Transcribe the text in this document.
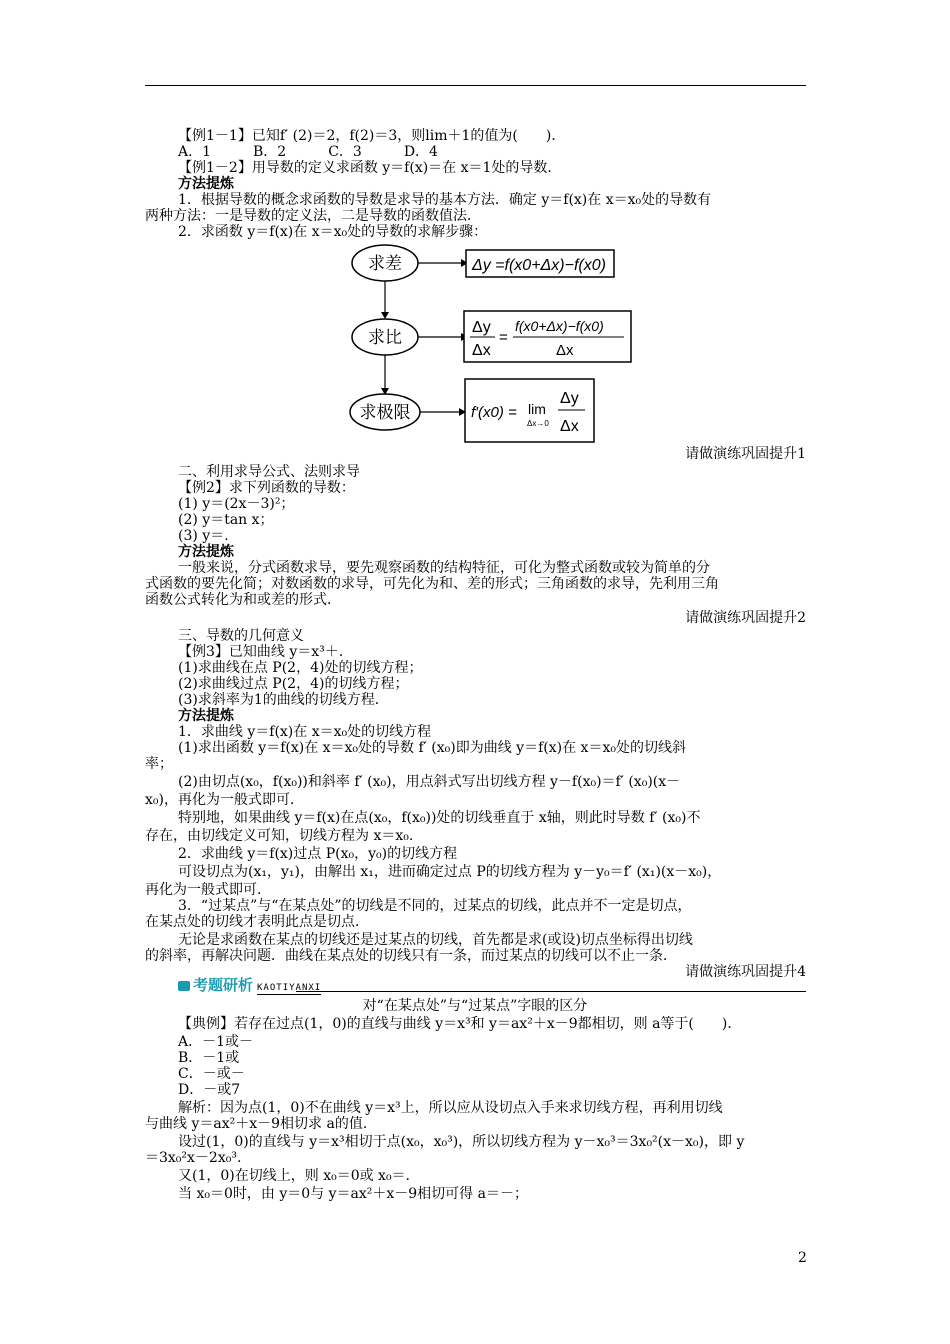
【例1－1】已知f′ (2)＝2，f(2)＝3，则lim＋1的值为(　　)．
A．1　　　B．2　　　C．3　　　D．4
【例1－2】用导数的定义求函数 y＝f(x)＝在 x＝1处的导数．
方法提炼
1．根据导数的概念求函数的导数是求导的基本方法．确定 y＝f(x)在 x＝x₀处的导数有
两种方法：一是导数的定义法，二是导数的函数值法．
2．求函数 y＝f(x)在 x＝x₀处的导数的求解步骤：
求差	Δy =f(x0+Δx)−f(x0)
求比
Δy
Δx
=
f(x0+Δx)−f(x0)
Δx
求极限	f′(x0) = lim
Δx→0
Δy
Δx
请做演练巩固提升1
二、利用求导公式、法则求导
【例2】求下列函数的导数：
(1) y＝(2x－3)²；
(2) y＝tan x；
(3) y＝.
方法提炼
一般来说，分式函数求导，要先观察函数的结构特征，可化为整式函数或较为简单的分
式函数的要先化简；对数函数的求导，可先化为和、差的形式；三角函数的求导，先利用三角
函数公式转化为和或差的形式．
请做演练巩固提升2
三、导数的几何意义
【例3】已知曲线 y＝x³＋.
(1)求曲线在点 P(2，4)处的切线方程；
(2)求曲线过点 P(2，4)的切线方程；
(3)求斜率为1的曲线的切线方程．
方法提炼
1．求曲线 y＝f(x)在 x＝x₀处的切线方程
(1)求出函数 y＝f(x)在 x＝x₀处的导数 f′ (x₀)即为曲线 y＝f(x)在 x＝x₀处的切线斜
率；
(2)由切点(x₀，f(x₀))和斜率 f′ (x₀)，用点斜式写出切线方程 y－f(x₀)＝f′ (x₀)(x－
x₀)，再化为一般式即可．
特别地，如果曲线 y＝f(x)在点(x₀，f(x₀))处的切线垂直于 x轴，则此时导数 f′ (x₀)不
存在，由切线定义可知，切线方程为 x＝x₀.
2．求曲线 y＝f(x)过点 P(x₀，y₀)的切线方程
可设切点为(x₁，y₁)，由解出 x₁，进而确定过点 P的切线方程为 y－y₀＝f′ (x₁)(x－x₀)，
再化为一般式即可．
3．“过某点”与“在某点处”的切线是不同的，过某点的切线，此点并不一定是切点，
在某点处的切线才表明此点是切点．
无论是求函数在某点的切线还是过某点的切线，首先都是求(或设)切点坐标得出切线
的斜率，再解决问题．曲线在某点处的切线只有一条，而过某点的切线可以不止一条．
请做演练巩固提升4
考题研析 KAOTIYANXI
对“在某点处”与“过某点”字眼的区分
【典例】若存在过点(1，0)的直线与曲线 y＝x³和 y＝ax²＋x－9都相切，则 a等于(　　)．
A．－1或－
B．－1或
C．－或－
D．－或7
解析：因为点(1，0)不在曲线 y＝x³上，所以应从设切点入手来求切线方程，再利用切线
与曲线 y＝ax²＋x－9相切求 a的值．
设过(1，0)的直线与 y＝x³相切于点(x₀，x₀³)，所以切线方程为 y－x₀³＝3x₀²(x－x₀)，即 y
＝3x₀²x－2x₀³.
又(1，0)在切线上，则 x₀＝0或 x₀＝.
当 x₀＝0时，由 y＝0与 y＝ax²＋x－9相切可得 a＝－；
2
